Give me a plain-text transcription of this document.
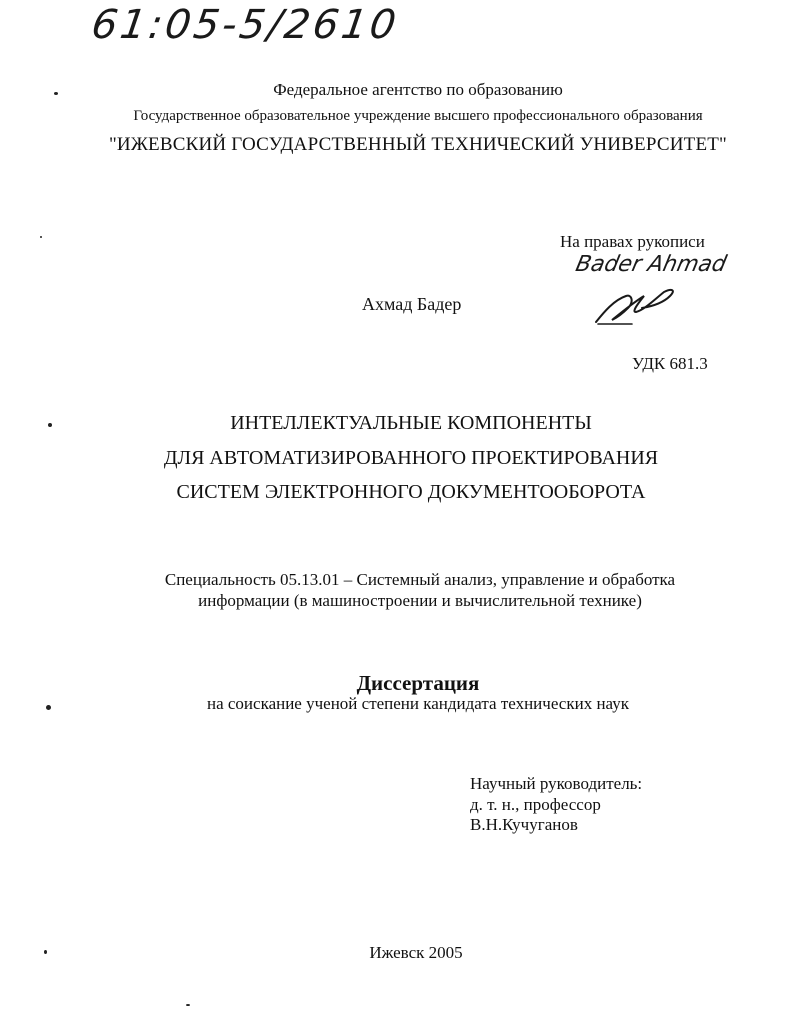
61:05-5/2610
Федеральное агентство по образованию
Государственное образовательное учреждение высшего профессионального образования
"ИЖЕВСКИЙ ГОСУДАРСТВЕННЫЙ ТЕХНИЧЕСКИЙ УНИВЕРСИТЕТ"
На правах рукописи
Bader Ahmad
Ахмад Бадер
УДК 681.3
ИНТЕЛЛЕКТУАЛЬНЫЕ КОМПОНЕНТЫ
ДЛЯ АВТОМАТИЗИРОВАННОГО ПРОЕКТИРОВАНИЯ
СИСТЕМ ЭЛЕКТРОННОГО ДОКУМЕНТООБОРОТА
Специальность 05.13.01 – Системный анализ, управление и обработка
информации (в машиностроении и вычислительной технике)
Диссертация
на соискание ученой степени кандидата технических наук
Научный руководитель:
д. т. н., профессор
В.Н.Кучуганов
Ижевск 2005
